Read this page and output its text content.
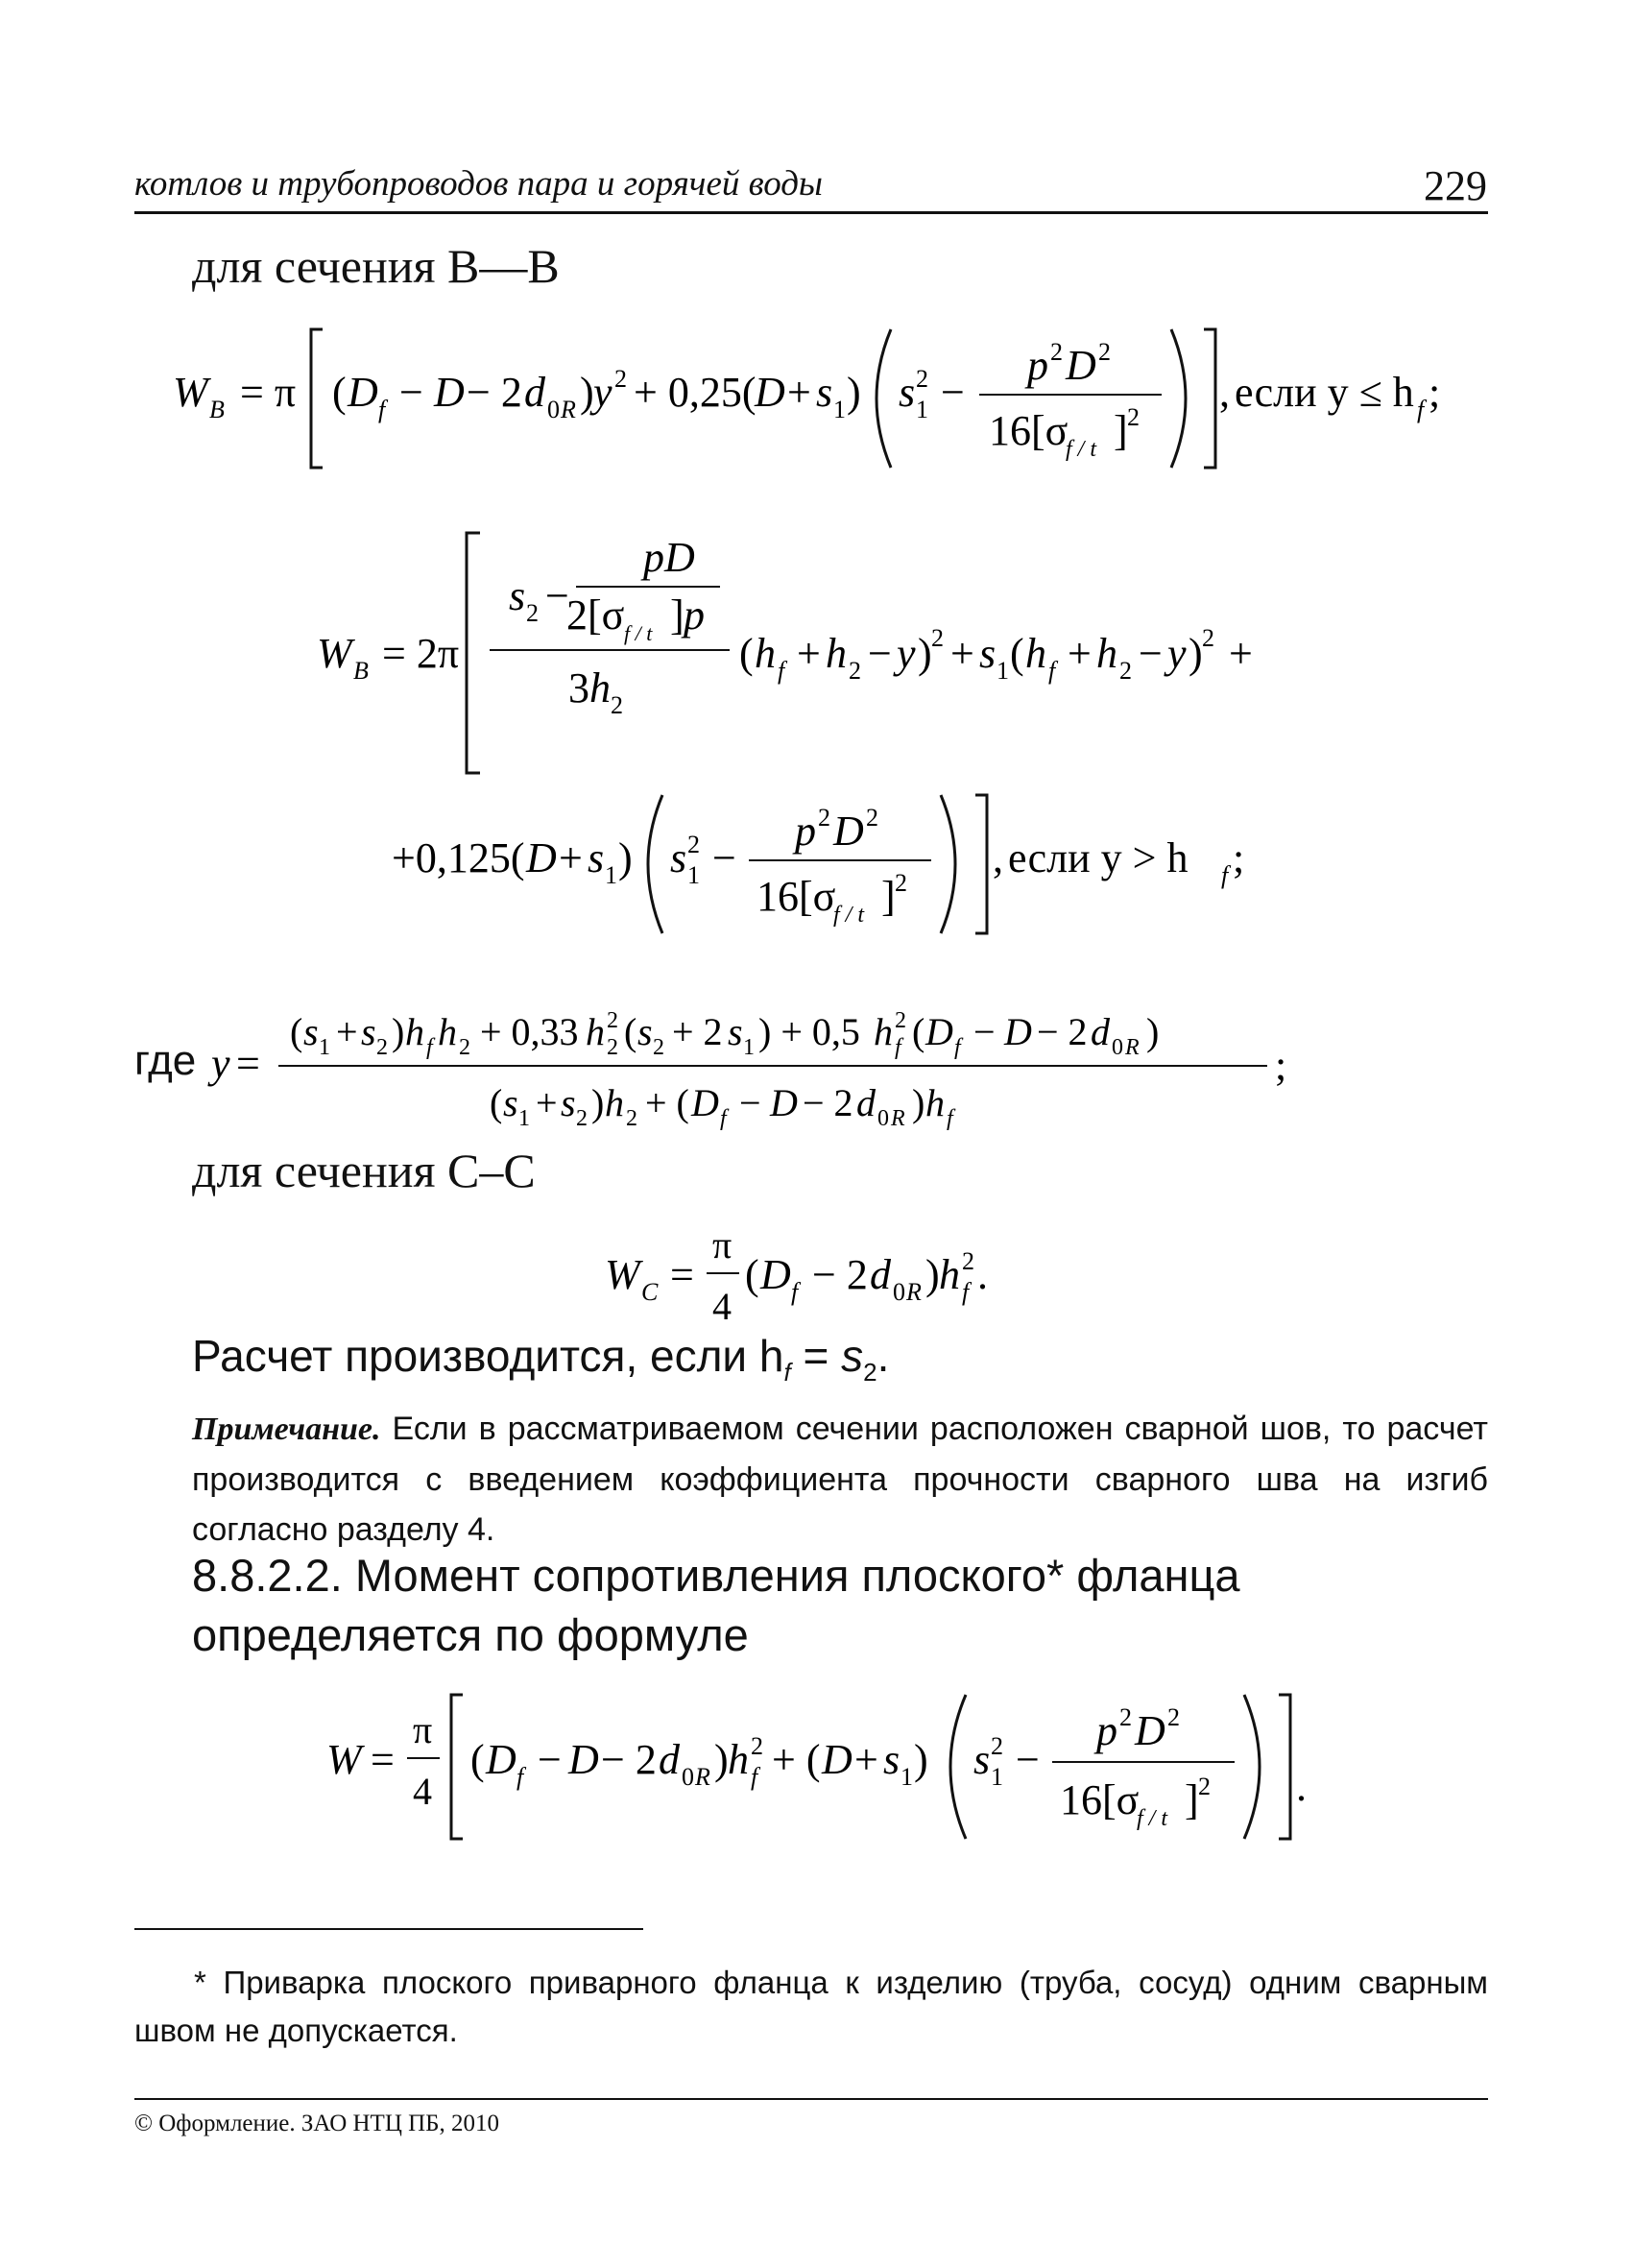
котлов и трубопроводов пара и горячей воды	229
для сечения В—В
W B = π ( D f − D − 2 d 0 R ) y 2 + 0,25(
D + s 1 ) s 2
1 −
p 2 D 2
16[σ
f / t ] 2
, если y ≤ h f ;
W B = 2π
s 2 −
pD
2[σ f / t ] p
3 h 2
( h f + h 2 − y ) 2 + s 1 ( h f + h 2 − y ) 2 +
+0,125( D + s 1 ) s 2
1 −
p 2 D 2
16[σ
f / t ] 2
, если y > h f ;
где y =
( s 1 + s 2 ) h f h 2 + 0,33 h 2
2 ( s 2 + 2 s 1 ) + 0,5 h 2
f ( D f − D − 2 d 0 R )
( s 1 + s 2 ) h 2 + ( D f − D − 2 d 0 R ) h f
;
для сечения С–С
W C =
π
4
( D f − 2 d 0 R ) h 2
f .
Расчет производится, если $h_f = s_2$.
Примечание. Если в рассматриваемом сечении расположен сварной шов, то расчет производится с введением коэффициента прочности сварного шва на изгиб согласно разделу 4.
8.8.2.2. Момент сопротивления плоского* фланца определяется по формуле
W =
π
4
( D f − D − 2 d 0 R ) h 2
f + ( D + s 1 ) s 2
1 −
p 2 D 2
16[σ
f / t ] 2 .
* Приварка плоского приварного фланца к изделию (труба, сосуд) одним сварным швом не допускается.
© Оформление. ЗАО НТЦ ПБ, 2010
